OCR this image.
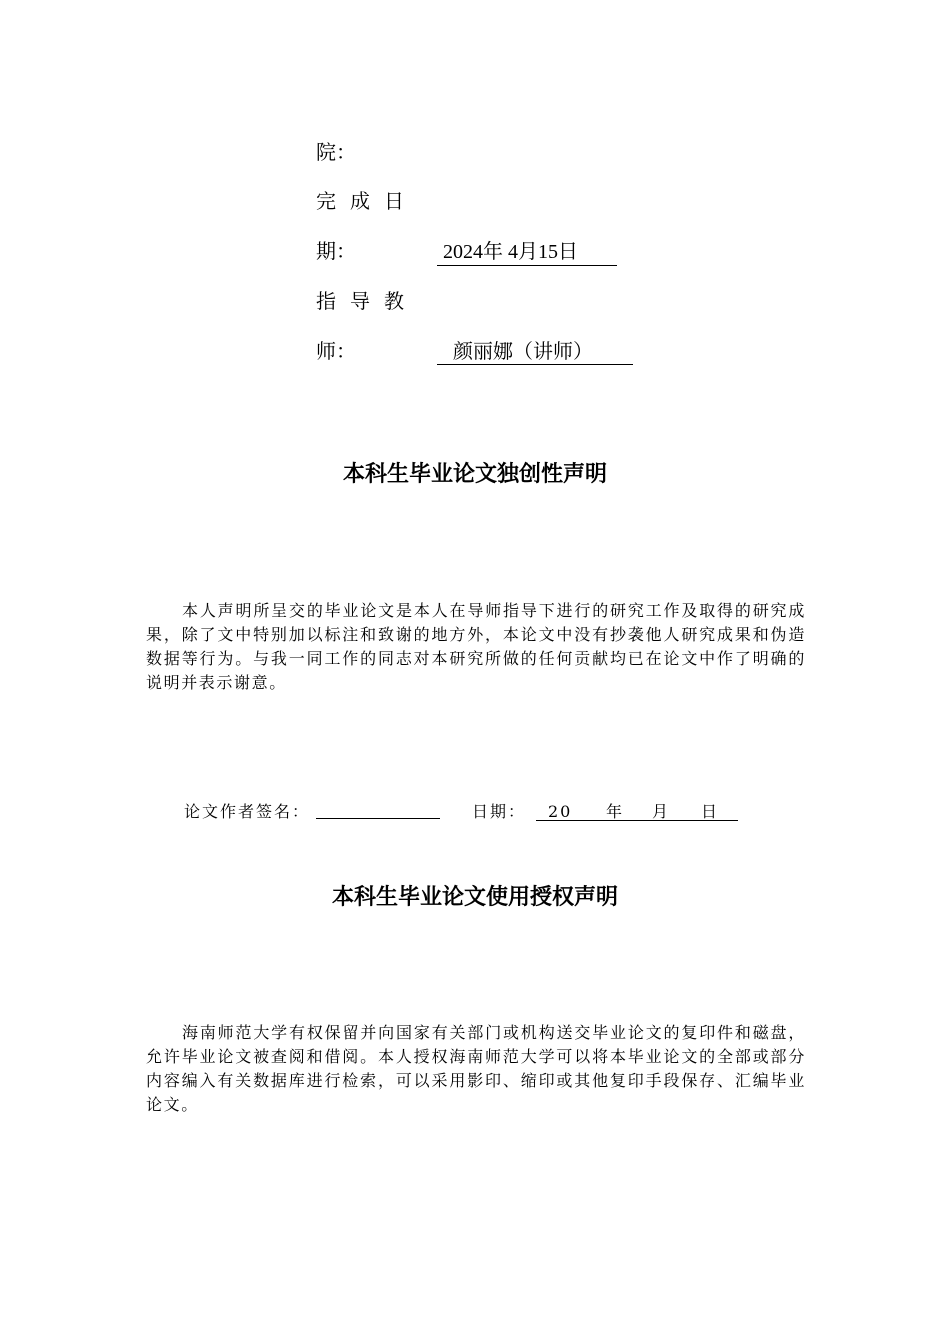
院：
完成日
期：	2024年 4月15日
指导教
师：	颜丽娜（讲师）
本科生毕业论文独创性声明

本人声明所呈交的毕业论文是本人在导师指导下进行的研究工作及取得的研究成果，除了文中特别加以标注和致谢的地方外，本论文中没有抄袭他人研究成果和伪造数据等行为。与我一同工作的同志对本研究所做的任何贡献均已在论文中作了明确的说明并表示谢意。

论文作者签名：	日期： 20 年 月 日
本科生毕业论文使用授权声明

海南师范大学有权保留并向国家有关部门或机构送交毕业论文的复印件和磁盘，允许毕业论文被查阅和借阅。本人授权海南师范大学可以将本毕业论文的全部或部分内容编入有关数据库进行检索，可以采用影印、缩印或其他复印手段保存、汇编毕业论文。
